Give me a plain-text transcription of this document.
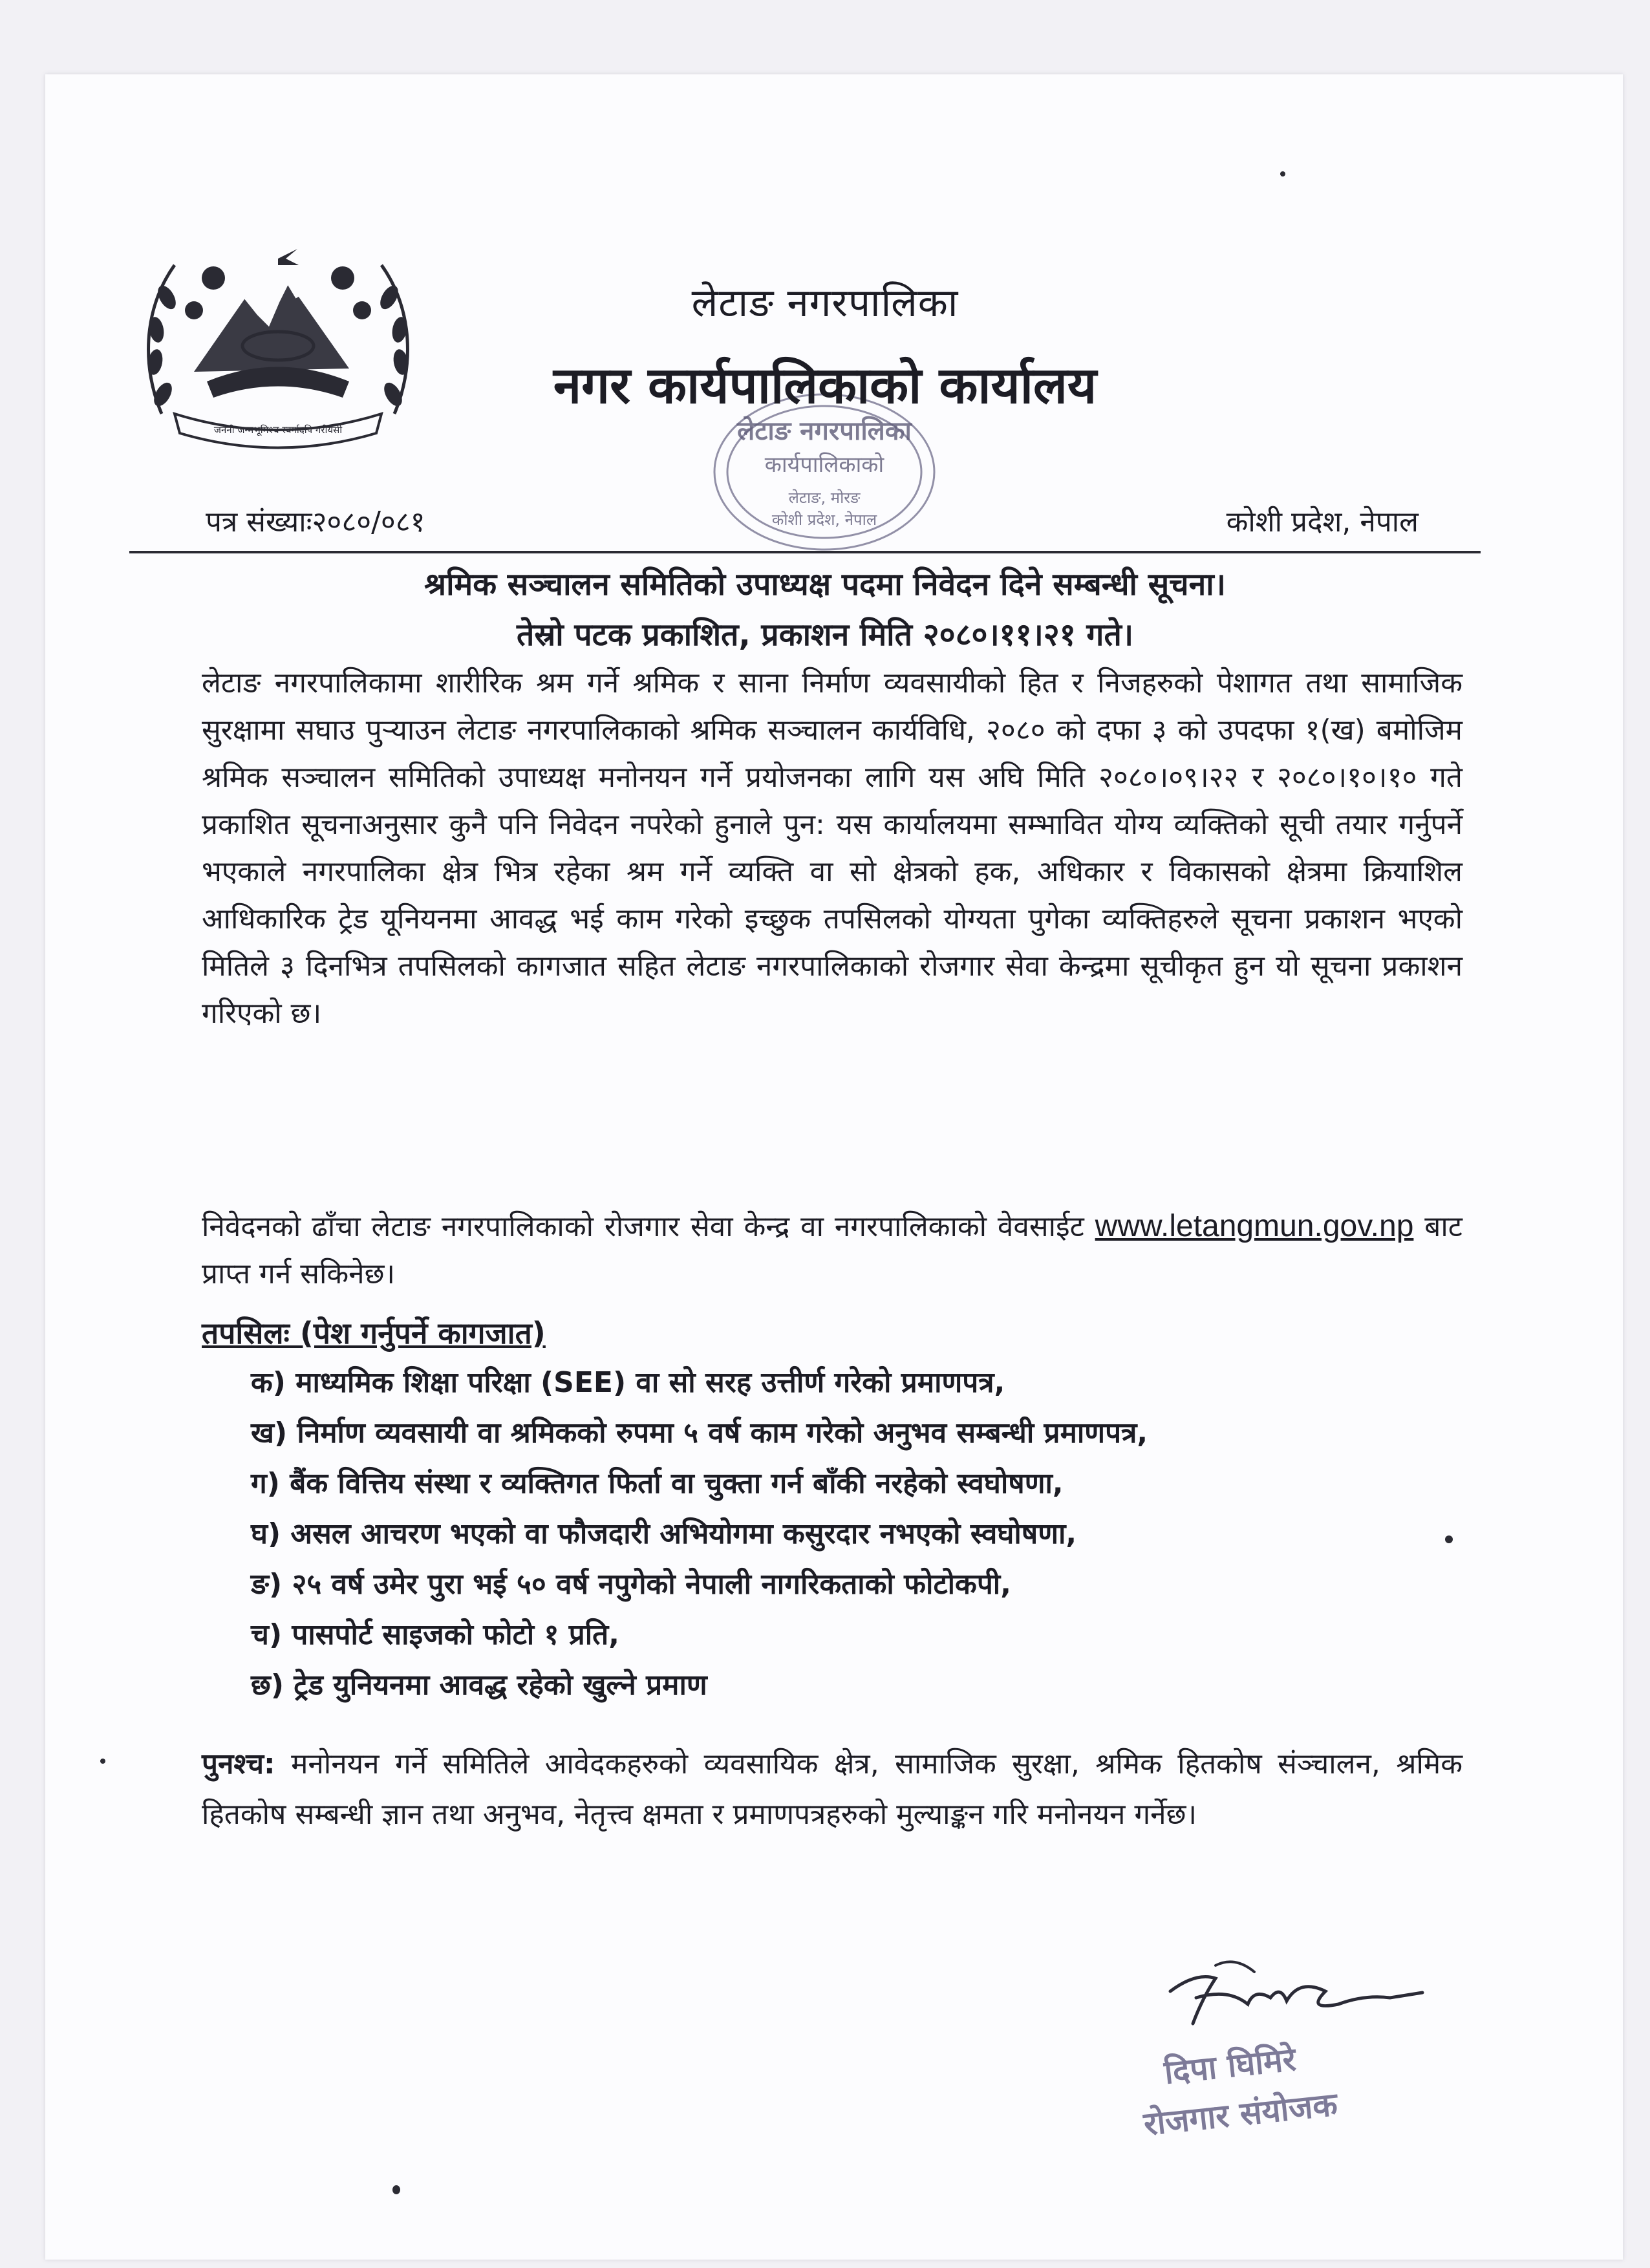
जननी जन्मभूमिश्च स्वर्गादपि गरीयसी	लेटाङ नगरपालिका
कार्यपालिकाको
लेटाङ, मोरङ
कोशी प्रदेश, नेपाल
लेटाङ नगरपालिका
नगर कार्यपालिकाको कार्यालय
पत्र संख्याः२०८०/०८१	कोशी प्रदेश, नेपाल
श्रमिक सञ्चालन समितिको उपाध्यक्ष पदमा निवेदन दिने सम्बन्धी सूचना।
तेस्रो पटक प्रकाशित, प्रकाशन मिति २०८०।११।२१ गते।
लेटाङ नगरपालिकामा शारीरिक श्रम गर्ने श्रमिक र साना निर्माण व्यवसायीको हित र निजहरुको पेशागत तथा सामाजिक सुरक्षामा सघाउ पुऱ्याउन लेटाङ नगरपालिकाको श्रमिक सञ्चालन कार्यविधि, २०८० को दफा ३ को उपदफा १(ख) बमोजिम श्रमिक सञ्चालन समितिको उपाध्यक्ष मनोनयन गर्ने प्रयोजनका लागि यस अघि मिति २०८०।०९।२२ र २०८०।१०।१० गते प्रकाशित सूचनाअनुसार कुनै पनि निवेदन नपरेको हुनाले पुन: यस कार्यालयमा सम्भावित योग्य व्यक्तिको सूची तयार गर्नुपर्ने भएकाले नगरपालिका क्षेत्र भित्र रहेका श्रम गर्ने व्यक्ति वा सो क्षेत्रको हक, अधिकार र विकासको क्षेत्रमा क्रियाशिल आधिकारिक ट्रेड यूनियनमा आवद्ध भई काम गरेको इच्छुक तपसिलको योग्यता पुगेका व्यक्तिहरुले सूचना प्रकाशन भएको मितिले ३ दिनभित्र तपसिलको कागजात सहित लेटाङ नगरपालिकाको रोजगार सेवा केन्द्रमा सूचीकृत हुन यो सूचना प्रकाशन गरिएको छ।
निवेदनको ढाँचा लेटाङ नगरपालिकाको रोजगार सेवा केन्द्र वा नगरपालिकाको वेवसाईट www.letangmun.gov.np बाट प्राप्त गर्न सकिनेछ।
तपसिलः (पेश गर्नुपर्ने कागजात)
क) माध्यमिक शिक्षा परिक्षा (SEE) वा सो सरह उत्तीर्ण गरेको प्रमाणपत्र,
ख) निर्माण व्यवसायी वा श्रमिकको रुपमा ५ वर्ष काम गरेको अनुभव सम्बन्धी प्रमाणपत्र,
ग) बैंक वित्तिय संस्था र व्यक्तिगत फिर्ता वा चुक्ता गर्न बाँकी नरहेको स्वघोषणा,
घ) असल आचरण भएको वा फौजदारी अभियोगमा कसुरदार नभएको स्वघोषणा,
ङ) २५ वर्ष उमेर पुरा भई ५० वर्ष नपुगेको नेपाली नागरिकताको फोटोकपी,
च) पासपोर्ट साइजको फोटो १ प्रति,
छ) ट्रेड युनियनमा आवद्ध रहेको खुल्ने प्रमाण
पुनश्च: मनोनयन गर्ने समितिले आवेदकहरुको व्यवसायिक क्षेत्र, सामाजिक सुरक्षा, श्रमिक हितकोष संञ्चालन, श्रमिक हितकोष सम्बन्धी ज्ञान तथा अनुभव, नेतृत्त्व क्षमता र प्रमाणपत्रहरुको मुल्याङ्कन गरि मनोनयन गर्नेछ।
दिपा घिमिरे
रोजगार संयोजक
